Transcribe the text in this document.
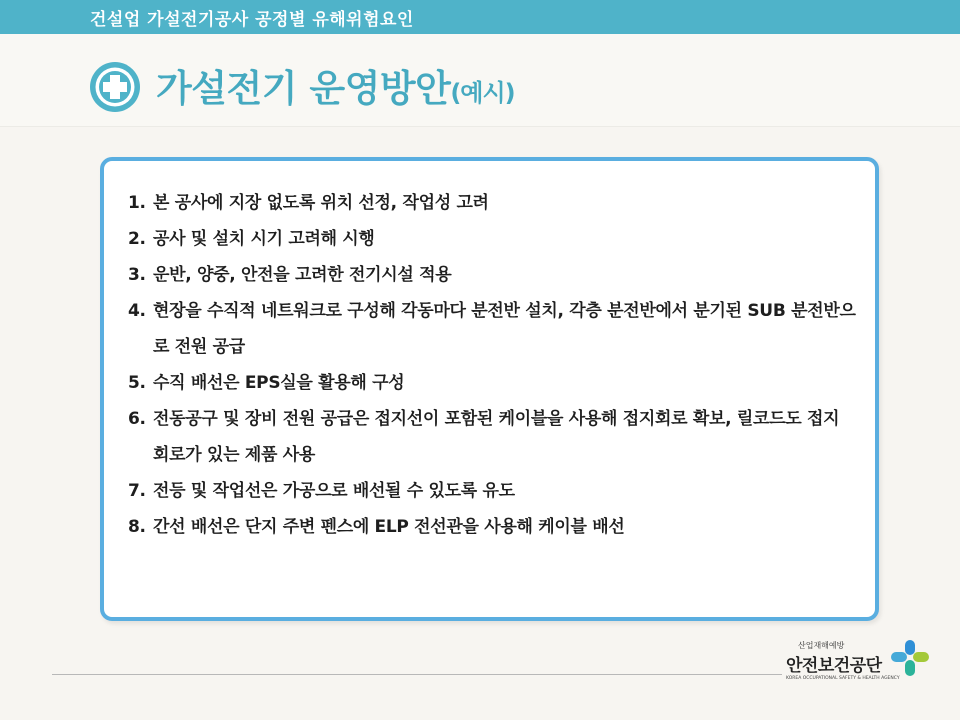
건설업 가설전기공사 공정별 유해위험요인
가설전기 운영방안(예시)
1. 본 공사에 지장 없도록 위치 선정, 작업성 고려
2. 공사 및 설치 시기 고려해 시행
3. 운반, 양중, 안전을 고려한 전기시설 적용
4. 현장을 수직적 네트워크로 구성해 각동마다 분전반 설치, 각층 분전반에서 분기된 SUB 분전반으로 전원 공급
5. 수직 배선은 EPS실을 활용해 구성
6. 전동공구 및 장비 전원 공급은 접지선이 포함된 케이블을 사용해 접지회로 확보, 릴코드도 접지 회로가 있는 제품 사용
7. 전등 및 작업선은 가공으로 배선될 수 있도록 유도
8. 간선 배선은 단지 주변 펜스에 ELP 전선관을 사용해 케이블 배선
산업재해예방
안전보건공단
KOREA OCCUPATIONAL SAFETY & HEALTH AGENCY
